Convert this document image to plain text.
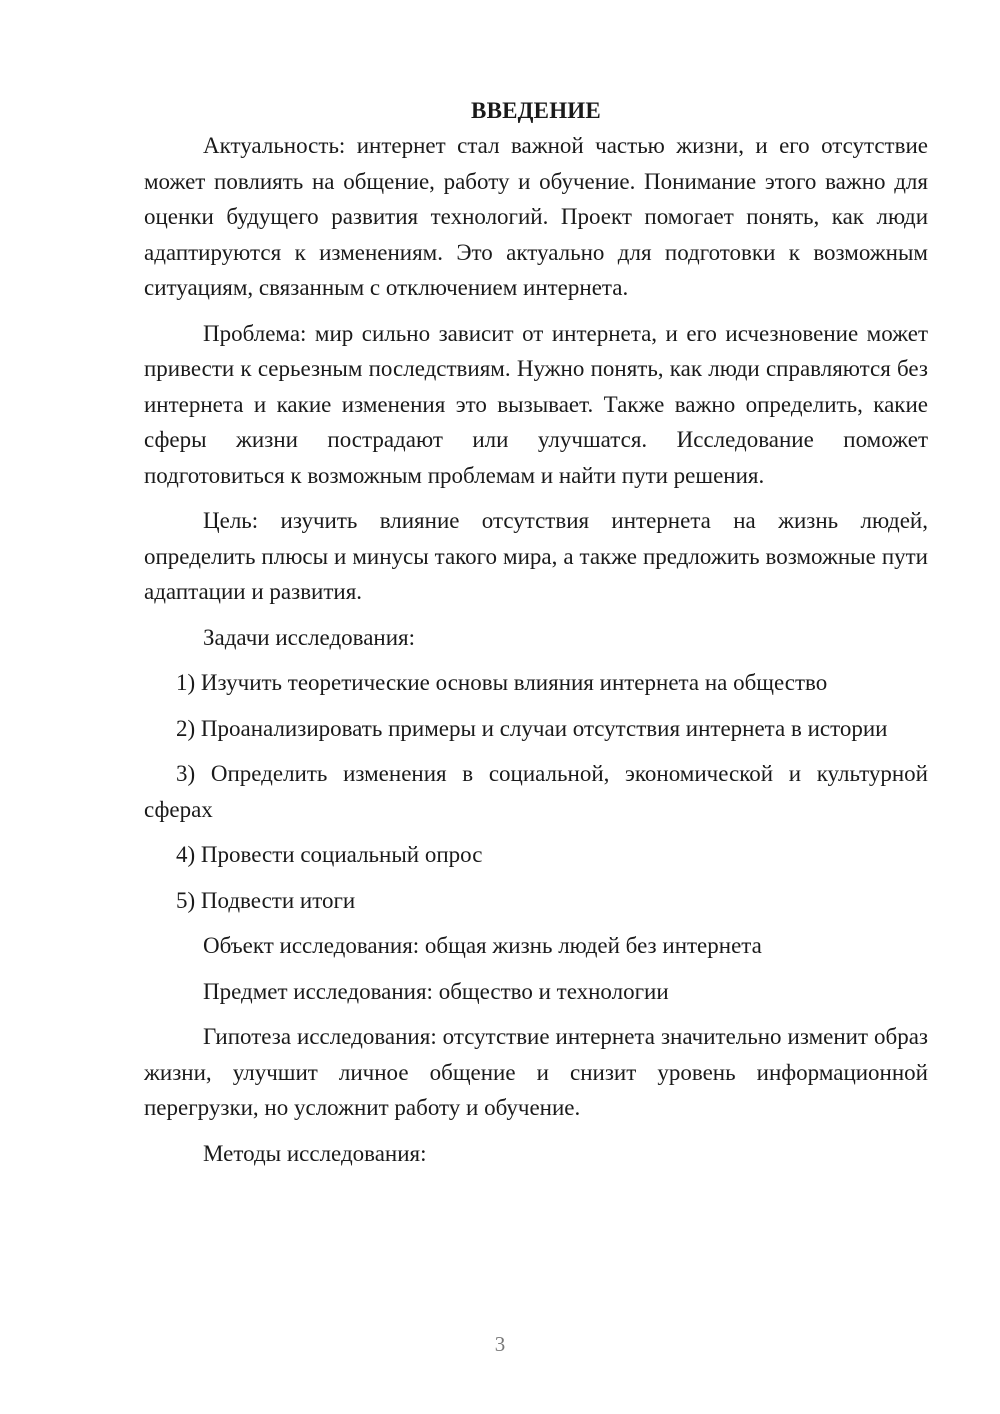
ВВЕДЕНИЕ

Актуальность: интернет стал важной частью жизни, и его отсутствие может повлиять на общение, работу и обучение. Понимание этого важно для оценки будущего развития технологий. Проект помогает понять, как люди адаптируются к изменениям. Это актуально для подготовки к возможным ситуациям, связанным с отключением интернета.

Проблема: мир сильно зависит от интернета, и его исчезновение может привести к серьезным последствиям. Нужно понять, как люди справляются без интернета и какие изменения это вызывает. Также важно определить, какие сферы жизни пострадают или улучшатся. Исследование поможет подготовиться к возможным проблемам и найти пути решения.

Цель: изучить влияние отсутствия интернета на жизнь людей, определить плюсы и минусы такого мира, а также предложить возможные пути адаптации и развития.

Задачи исследования:

1) Изучить теоретические основы влияния интернета на общество

2) Проанализировать примеры и случаи отсутствия интернета в истории

3) Определить изменения в социальной, экономической и культурной сферах

4) Провести социальный опрос

5) Подвести итоги

Объект исследования: общая жизнь людей без интернета

Предмет исследования: общество и технологии

Гипотеза исследования: отсутствие интернета значительно изменит образ жизни, улучшит личное общение и снизит уровень информационной перегрузки, но усложнит работу и обучение.

Методы исследования:

3
